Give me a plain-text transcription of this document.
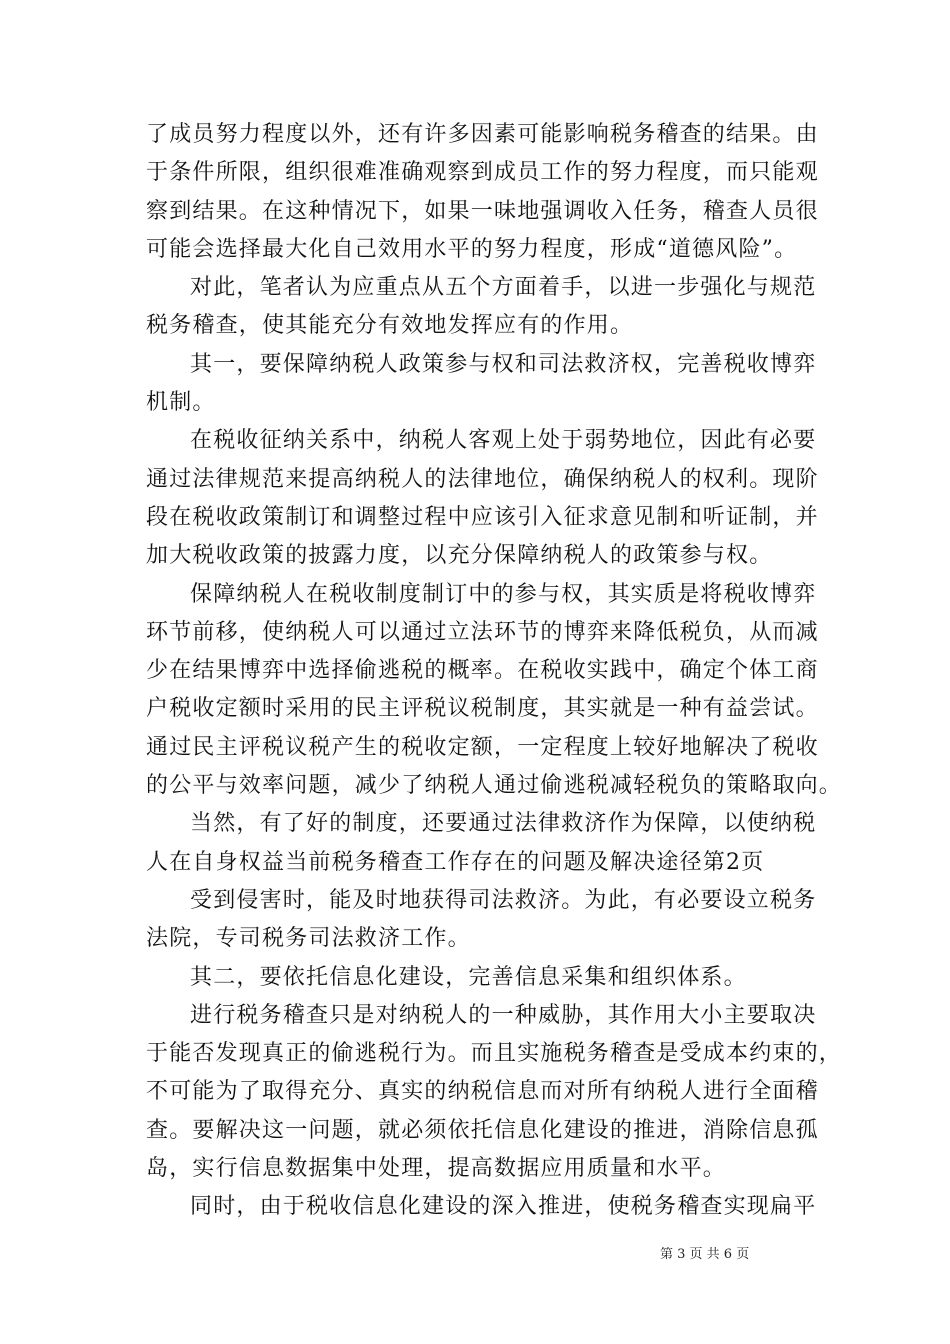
了成员努力程度以外，还有许多因素可能影响税务稽查的结果。由
于条件所限，组织很难准确观察到成员工作的努力程度，而只能观
察到结果。在这种情况下，如果一味地强调收入任务，稽查人员很
可能会选择最大化自己效用水平的努力程度，形成“道德风险”。
对此，笔者认为应重点从五个方面着手，以进一步强化与规范
税务稽查，使其能充分有效地发挥应有的作用。
其一，要保障纳税人政策参与权和司法救济权，完善税收博弈
机制。
在税收征纳关系中，纳税人客观上处于弱势地位，因此有必要
通过法律规范来提高纳税人的法律地位，确保纳税人的权利。现阶
段在税收政策制订和调整过程中应该引入征求意见制和听证制，并
加大税收政策的披露力度，以充分保障纳税人的政策参与权。
保障纳税人在税收制度制订中的参与权，其实质是将税收博弈
环节前移，使纳税人可以通过立法环节的博弈来降低税负，从而减
少在结果博弈中选择偷逃税的概率。在税收实践中，确定个体工商
户税收定额时采用的民主评税议税制度，其实就是一种有益尝试。
通过民主评税议税产生的税收定额，一定程度上较好地解决了税收
的公平与效率问题，减少了纳税人通过偷逃税减轻税负的策略取向。
当然，有了好的制度，还要通过法律救济作为保障，以使纳税
人在自身权益当前税务稽查工作存在的问题及解决途径第2页
受到侵害时，能及时地获得司法救济。为此，有必要设立税务
法院，专司税务司法救济工作。
其二，要依托信息化建设，完善信息采集和组织体系。
进行税务稽查只是对纳税人的一种威胁，其作用大小主要取决
于能否发现真正的偷逃税行为。而且实施税务稽查是受成本约束的，
不可能为了取得充分、真实的纳税信息而对所有纳税人进行全面稽
查。要解决这一问题，就必须依托信息化建设的推进，消除信息孤
岛，实行信息数据集中处理，提高数据应用质量和水平。
同时，由于税收信息化建设的深入推进，使税务稽查实现扁平
第 3 页 共 6 页
